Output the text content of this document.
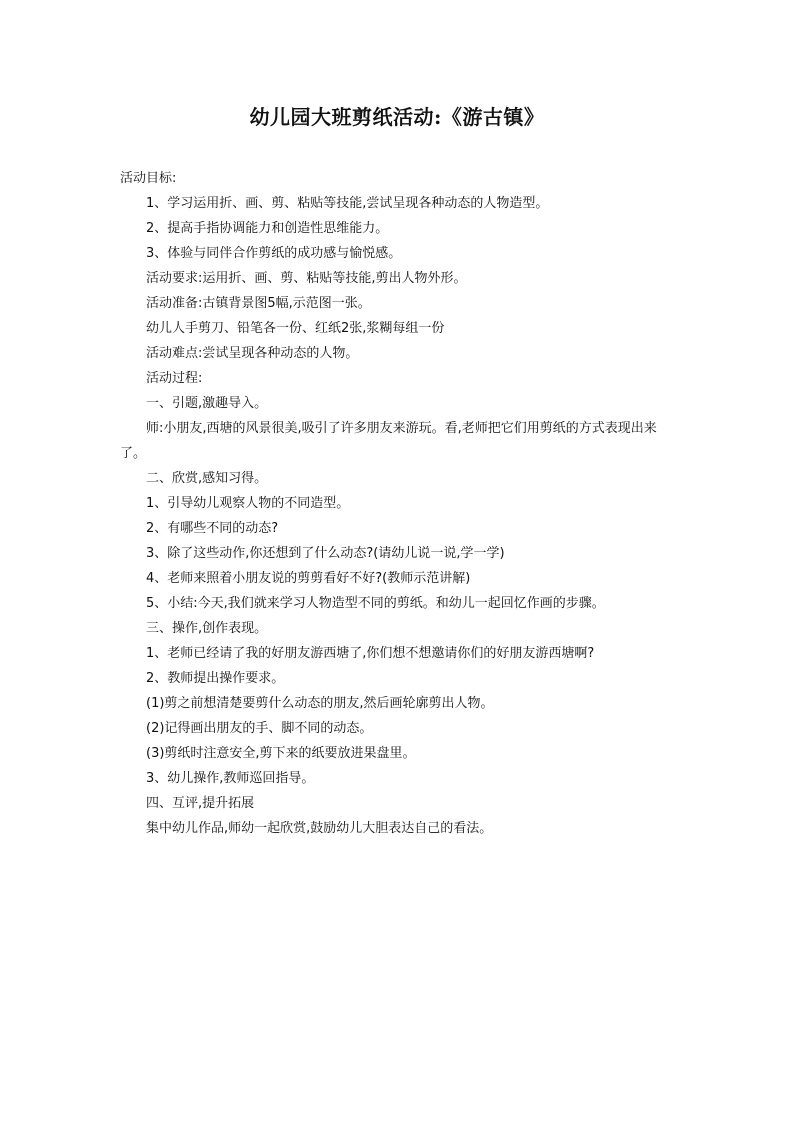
幼儿园大班剪纸活动:《游古镇》
活动目标:
1、学习运用折、画、剪、粘贴等技能,尝试呈现各种动态的人物造型。
2、提高手指协调能力和创造性思维能力。
3、体验与同伴合作剪纸的成功感与愉悦感。
活动要求:运用折、画、剪、粘贴等技能,剪出人物外形。
活动准备:古镇背景图5幅,示范图一张。
幼儿人手剪刀、铅笔各一份、红纸2张,浆糊每组一份
活动难点:尝试呈现各种动态的人物。
活动过程:
一、引题,激趣导入。
师:小朋友,西塘的风景很美,吸引了许多朋友来游玩。看,老师把它们用剪纸的方式表现出来了。
二、欣赏,感知习得。
1、引导幼儿观察人物的不同造型。
2、有哪些不同的动态?
3、除了这些动作,你还想到了什么动态?(请幼儿说一说,学一学)
4、老师来照着小朋友说的剪剪看好不好?(教师示范讲解)
5、小结:今天,我们就来学习人物造型不同的剪纸。和幼儿一起回忆作画的步骤。
三、操作,创作表现。
1、老师已经请了我的好朋友游西塘了,你们想不想邀请你们的好朋友游西塘啊?
2、教师提出操作要求。
(1)剪之前想清楚要剪什么动态的朋友,然后画轮廓剪出人物。
(2)记得画出朋友的手、脚不同的动态。
(3)剪纸时注意安全,剪下来的纸要放进果盘里。
3、幼儿操作,教师巡回指导。
四、互评,提升拓展
集中幼儿作品,师幼一起欣赏,鼓励幼儿大胆表达自己的看法。
